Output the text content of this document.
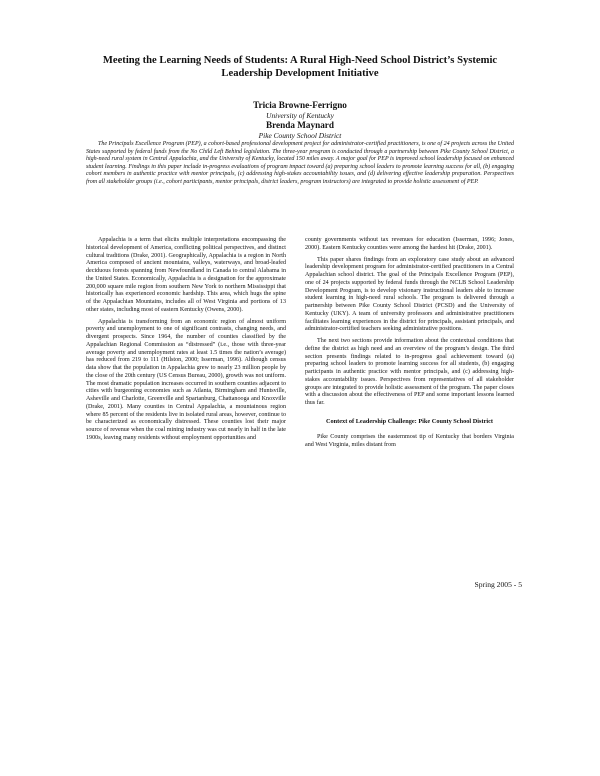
Meeting the Learning Needs of Students: A Rural High-Need School District’s Systemic Leadership Development Initiative
Tricia Browne-Ferrigno
University of Kentucky
Brenda Maynard
Pike County School District
The Principals Excellence Program (PEP), a cohort-based professional development project for administrator-certified practitioners, is one of 24 projects across the United States supported by federal funds from the No Child Left Behind legislation. The three-year program is conducted through a partnership between Pike County School District, a high-need rural system in Central Appalachia, and the University of Kentucky, located 150 miles away. A major goal for PEP is improved school leadership focused on enhanced student learning. Findings in this paper include in-progress evaluations of program impact toward (a) preparing school leaders to promote learning success for all, (b) engaging cohort members in authentic practice with mentor principals, (c) addressing high-stakes accountability issues, and (d) delivering effective leadership preparation. Perspectives from all stakeholder groups (i.e., cohort participants, mentor principals, district leaders, program instructors) are integrated to provide holistic assessment of PEP.

Appalachia is a term that elicits multiple interpretations encompassing the historical development of America, conflicting political perspectives, and distinct cultural traditions (Drake, 2001). Geographically, Appalachia is a region in North America composed of ancient mountains, valleys, waterways, and broad-leafed deciduous forests spanning from Newfoundland in Canada to central Alabama in the United States. Economically, Appalachia is a designation for the approximate 200,000 square mile region from southern New York to northern Mississippi that historically has experienced economic hardship. This area, which hugs the spine of the Appalachian Mountains, includes all of West Virginia and portions of 13 other states, including most of eastern Kentucky (Owens, 2000).

Appalachia is transforming from an economic region of almost uniform poverty and unemployment to one of significant contrasts, changing needs, and divergent prospects. Since 1964, the number of counties classified by the Appalachian Regional Commission as “distressed” (i.e., those with three-year average poverty and unemployment rates at least 1.5 times the nation’s average) has reduced from 219 to 111 (Hilston, 2000; Isserman, 1996). Although census data show that the population in Appalachia grew to nearly 23 million people by the close of the 20th century (US Census Bureau, 2000), growth was not uniform. The most dramatic population increases occurred in southern counties adjacent to cities with burgeoning economies such as Atlanta, Birmingham and Huntsville, Asheville and Charlotte, Greenville and Spartanburg, Chattanooga and Knoxville (Drake, 2001). Many counties in Central Appalachia, a mountainous region where 85 percent of the residents live in isolated rural areas, however, continue to be characterized as economically distressed. These counties lost their major source of revenue when the coal mining industry was cut nearly in half in the late 1900s, leaving many residents without employment opportunities and

county governments without tax revenues for education (Isserman, 1996; Jones, 2000). Eastern Kentucky counties were among the hardest hit (Drake, 2001).

This paper shares findings from an exploratory case study about an advanced leadership development program for administrator-certified practitioners in a Central Appalachian school district. The goal of the Principals Excellence Program (PEP), one of 24 projects supported by federal funds through the NCLB School Leadership Development Program, is to develop visionary instructional leaders able to increase student learning in high-need rural schools. The program is delivered through a partnership between Pike County School District (PCSD) and the University of Kentucky (UKY). A team of university professors and administrative practitioners facilitates learning experiences in the district for principals, assistant principals, and administrator-certified teachers seeking administrative positions.

The next two sections provide information about the contextual conditions that define the district as high need and an overview of the program’s design. The third section presents findings related to in-progress goal achievement toward (a) preparing school leaders to promote learning success for all students, (b) engaging participants in authentic practice with mentor principals, and (c) addressing high-stakes accountability issues. Perspectives from representatives of all stakeholder groups are integrated to provide holistic assessment of the program. The paper closes with a discussion about the effectiveness of PEP and some important lessons learned thus far.

Context of Leadership Challenge: Pike County School District

Pike County comprises the easternmost tip of Kentucky that borders Virginia and West Virginia, miles distant from

Spring 2005 - 5
